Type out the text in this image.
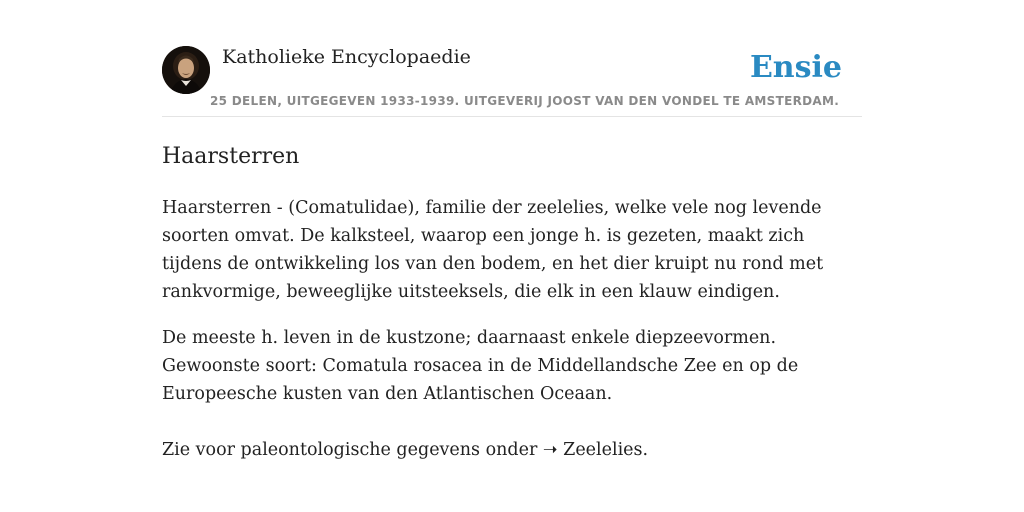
Katholieke Encyclopaedie
25 DELEN, UITGEGEVEN 1933-1939. UITGEVERIJ JOOST VAN DEN VONDEL TE AMSTERDAM.
Ensie
Haarsterren

Haarsterren - (Comatulidae), familie der zeelelies, welke vele nog levende soorten omvat. De kalksteel, waarop een jonge h. is gezeten, maakt zich tijdens de ontwikkeling los van den bodem, en het dier kruipt nu rond met rankvormige, beweeglijke uitsteeksels, die elk in een klauw eindigen.

De meeste h. leven in de kustzone; daarnaast enkele diepzeevormen. Gewoonste soort: Comatula rosacea in de Middellandsche Zee en op de Europeesche kusten van den Atlantischen Oceaan.

Zie voor paleontologische gegevens onder ➝ Zeelelies.
